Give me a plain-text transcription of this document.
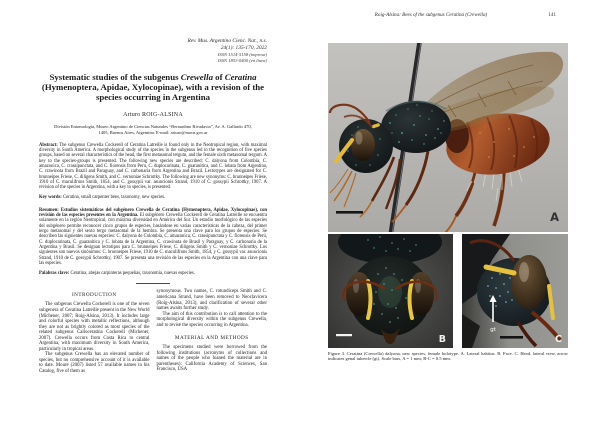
Rev. Mus. Argentino Cienc. Nat., n.s.
24(1): 135-170, 2022
ISSN 1514-5158 (impresa)
ISSN 1853-0400 (en línea)
Systematic studies of the subgenus Crewella of Ceratina
(Hymenoptera, Apidae, Xylocopinae), with a revision of the
species occurring in Argentina
Arturo ROIG-ALSINA
División Entomología, Museo Argentino de Ciencias Naturales “Bernardino Rivadavia”, Av. A. Gallardo 470,
1405, Buenos Aires, Argentina. E-mail: arturo@macn.gov.ar

Abstract: The subgenus Crewella Cockerell of Ceratina Latreille is found only in the Neotropical region, with maximal diversity in South America. A morphological study of the species in the subgenus led to the recognition of five species groups, based on several characteristics of the head, the first metasomal tergum, and the female sixth metasomal tergum. A key to the species-groups is presented. The following new species are described: C. dalyona from Colombia, C. amazonica, C. crassipunctata, and C. fiorensis from Peru, C. duplocarinata, C. guaranitica, and C. lobata from Argentina, C. crawinota from Brazil and Paraguay, and C. carbonaria from Argentina and Brazil. Lectotypes are designated for C. brunneipes Friese, C. diligens Smith, and C. vernoniae Schrottky. The following are new synonyms: C. brunneipes Friese, 1910 of C. maculifrons Smith, 1854, and C. gossypii var. asuncionis Strand, 1910 of C. gossypii Schrottky, 1907. A revision of the species in Argentina, with a key to species, is presented.

Key words: Ceratina, small carpenter bees, taxonomy, new species.

Resumen: Estudios sistemáticos del subgénero Crewella de Ceratina (Hymenoptera, Apidae, Xylocopinae), con revisión de las especies presentes en la Argentina. El subgénero Crewella Cockerell de Ceratina Latreille se encuentra solamente en la región Neotropical, con máxima diversidad en América del Sur. Un estudio morfológico de las especies del subgénero permite reconocer cinco grupos de especies, basándose en varias características de la cabeza, del primer tergo metasomal y del sexto tergo metasomal de la hembra. Se presenta una clave para los grupos de especies. Se describen las siguientes nuevas especies: C. dalyona de Colombia, C. amazonica, C. crassipunctata y C. fiorensis de Perú, C. duplocarinata, C. guaranitica y C. lobata de la Argentina, C. crawinota de Brasil y Paraguay, y C. carbonaria de la Argentina y Brasil. Se designan lectotipos para C. brunneipes Friese, C. diligens Smith y C. vernoniae Schrottky. Los siguientes son nuevos sinónimos: C. brunneipes Friese, 1910 de C. maculifrons Smith, 1854, y C. gossypii var. asuncionis Strand, 1910 de C. gossypii Schrottky, 1907. Se presenta una revisión de las especies en la Argentina con una clave para las especies.

Palabras clave: Ceratina, abejas carpinteras pequeñas, taxonomía, nuevas especies.

INTRODUCTION

The subgenus Crewella Cockerell is one of the seven subgenera of Ceratina Latreille present in the New World (Michener, 2007; Roig-Alsina, 2013). It includes large and colorful species with metallic reflections, although they are not as brightly colored as most species of the related subgenus Calloceratina Cockerell (Michener, 2007). Crewella occurs from Costa Rica to central Argentina, with maximum diversity in South America, particularly in tropical areas.

The subgenus Crewella has an elevated number of species, but no comprehensive account of it is available to date. Moure (2007) listed 57 available names in his Catalog, five of them as

synonymous. Two names, C. rotundiceps Smith and C. americana Strand, have been removed to Neoclavicera (Roig-Alsina, 2013), and clarification of several other names awaits further study.

The aim of this contribution is to call attention to the morphological diversity within the subgenus Crewella, and to revise the species occurring in Argentina.

MATERIAL AND METHODS

The specimens studied were borrowed from the following institutions (acronyms of collections and names of the people who loaned the material are in parentheses): California Academy of Sciences, San Francisco, USA

Roig-Alsina: Bees of the subgenus Ceratina (Crewella)	141
A
B
gt
C

Figure 3. Ceratina (Crewella) dalyona, new species, female holotype. A. Lateral habitus. B. Face. C. Head, lateral view, arrow indicates genal tubercle (gt). Scale bars, A = 1 mm; B-C = 0.5 mm.
